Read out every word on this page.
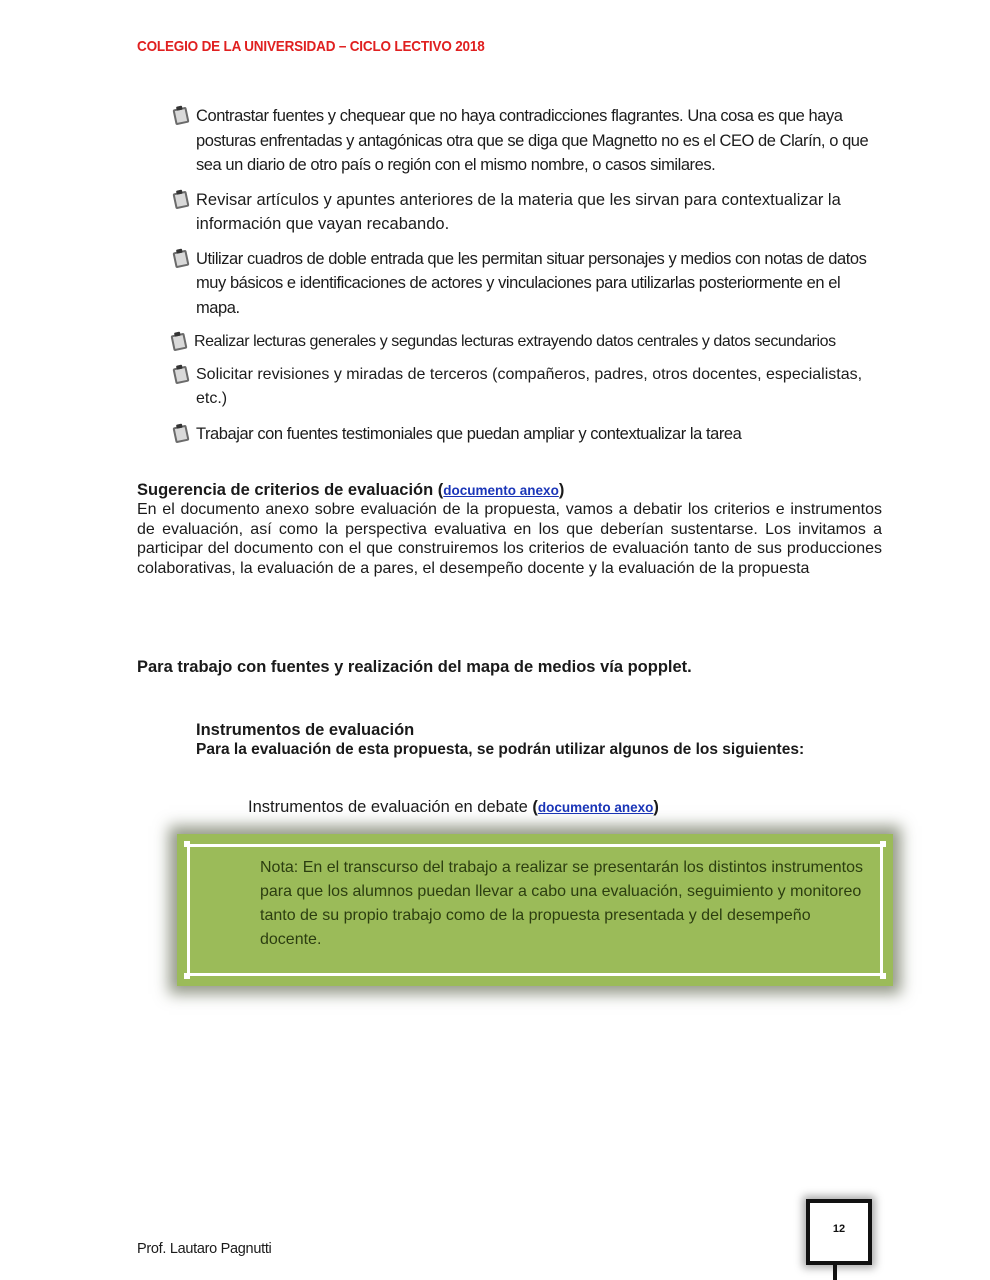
COLEGIO DE LA UNIVERSIDAD – CICLO LECTIVO 2018
Contrastar fuentes y chequear que no haya contradicciones flagrantes. Una cosa es que haya posturas enfrentadas y antagónicas otra que se diga que Magnetto no es el CEO de Clarín, o que sea un diario de otro país o región con el mismo nombre, o casos similares.
Revisar artículos y apuntes anteriores de la materia que les sirvan para contextualizar la información que vayan recabando.
Utilizar cuadros de doble entrada que les permitan situar personajes y medios con notas de datos muy básicos e identificaciones de actores y vinculaciones para utilizarlas posteriormente en el mapa.
Realizar lecturas generales y segundas lecturas extrayendo datos centrales y datos secundarios
Solicitar revisiones y miradas de terceros (compañeros, padres, otros docentes, especialistas, etc.)
Trabajar con fuentes testimoniales que puedan ampliar y contextualizar la tarea
Sugerencia de criterios de evaluación (documento anexo)
En el documento anexo sobre evaluación de la propuesta, vamos a debatir los criterios e instrumentos de evaluación, así como la perspectiva evaluativa en los que deberían sustentarse. Los invitamos a participar del documento con el que construiremos los criterios de evaluación tanto de sus producciones colaborativas, la evaluación de a pares, el desempeño docente y la evaluación de la propuesta
Para trabajo con fuentes y realización del mapa de medios vía popplet.
Instrumentos de evaluación
Para la evaluación de esta propuesta, se podrán utilizar algunos de los siguientes:
Instrumentos de evaluación en debate (documento anexo)
Nota: En el transcurso del trabajo a realizar se presentarán los distintos instrumentos para que los alumnos puedan llevar a cabo una evaluación, seguimiento y monitoreo tanto de su propio trabajo como de la propuesta presentada y del desempeño docente.
Prof. Lautaro Pagnutti
12
